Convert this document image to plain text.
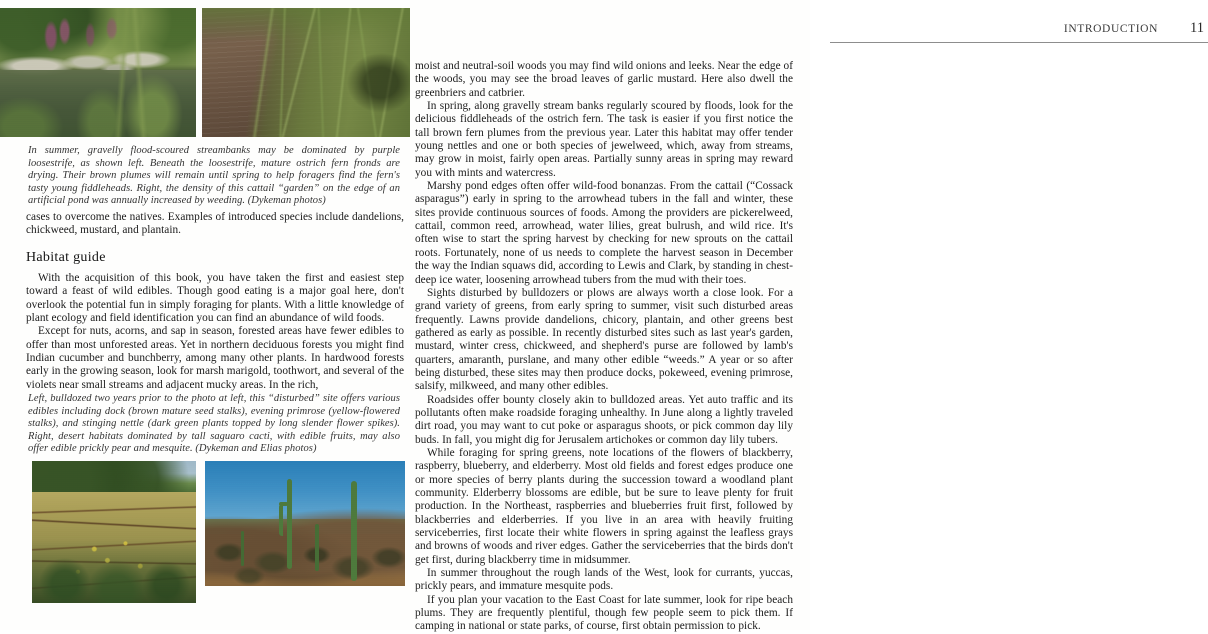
In summer, gravelly flood-scoured streambanks may be dominated by purple loosestrife, as shown left. Beneath the loosestrife, mature ostrich fern fronds are drying. Their brown plumes will remain until spring to help foragers find the fern's tasty young fiddleheads. Right, the density of this cattail “garden” on the edge of an artificial pond was annually increased by weeding. (Dykeman photos)

cases to overcome the natives. Examples of introduced species include dandelions, chickweed, mustard, and plantain.

Habitat guide

With the acquisition of this book, you have taken the first and easiest step toward a feast of wild edibles. Though good eating is a major goal here, don't overlook the potential fun in simply foraging for plants. With a little knowledge of plant ecology and field identification you can find an abundance of wild foods.

Except for nuts, acorns, and sap in season, forested areas have fewer edibles to offer than most unforested areas. Yet in northern deciduous forests you might find Indian cucumber and bunchberry, among many other plants. In hardwood forests early in the growing season, look for marsh marigold, toothwort, and several of the violets near small streams and adjacent mucky areas. In the rich,

Left, bulldozed two years prior to the photo at left, this “disturbed” site offers various edibles including dock (brown mature seed stalks), evening primrose (yellow-flowered stalks), and stinging nettle (dark green plants topped by long slender flower spikes). Right, desert habitats dominated by tall saguaro cacti, with edible fruits, may also offer edible prickly pear and mesquite. (Dykeman and Elias photos)
INTRODUCTION 11

moist and neutral-soil woods you may find wild onions and leeks. Near the edge of the woods, you may see the broad leaves of garlic mustard. Here also dwell the greenbriers and catbrier.

In spring, along gravelly stream banks regularly scoured by floods, look for the delicious fiddleheads of the ostrich fern. The task is easier if you first notice the tall brown fern plumes from the previous year. Later this habitat may offer tender young nettles and one or both species of jewelweed, which, away from streams, may grow in moist, fairly open areas. Partially sunny areas in spring may reward you with mints and watercress.

Marshy pond edges often offer wild-food bonanzas. From the cattail (“Cossack asparagus”) early in spring to the arrowhead tubers in the fall and winter, these sites provide continuous sources of foods. Among the providers are pickerelweed, cattail, common reed, arrowhead, water lilies, great bulrush, and wild rice. It's often wise to start the spring harvest by checking for new sprouts on the cattail roots. Fortunately, none of us needs to complete the harvest season in December the way the Indian squaws did, according to Lewis and Clark, by standing in chest-deep ice water, loosening arrowhead tubers from the mud with their toes.

Sights disturbed by bulldozers or plows are always worth a close look. For a grand variety of greens, from early spring to summer, visit such disturbed areas frequently. Lawns provide dandelions, chicory, plantain, and other greens best gathered as early as possible. In recently disturbed sites such as last year's garden, mustard, winter cress, chickweed, and shepherd's purse are followed by lamb's quarters, amaranth, purslane, and many other edible “weeds.” A year or so after being disturbed, these sites may then produce docks, pokeweed, evening primrose, salsify, milkweed, and many other edibles.

Roadsides offer bounty closely akin to bulldozed areas. Yet auto traffic and its pollutants often make roadside foraging unhealthy. In June along a lightly traveled dirt road, you may want to cut poke or asparagus shoots, or pick common day lily buds. In fall, you might dig for Jerusalem artichokes or common day lily tubers.

While foraging for spring greens, note locations of the flowers of blackberry, raspberry, blueberry, and elderberry. Most old fields and forest edges produce one or more species of berry plants during the succession toward a woodland plant community. Elderberry blossoms are edible, but be sure to leave plenty for fruit production. In the Northeast, raspberries and blueberries fruit first, followed by blackberries and elderberries. If you live in an area with heavily fruiting serviceberries, first locate their white flowers in spring against the leafless grays and browns of woods and river edges. Gather the serviceberries that the birds don't get first, during blackberry time in midsummer.

In summer throughout the rough lands of the West, look for currants, yuccas, prickly pears, and immature mesquite pods.

If you plan your vacation to the East Coast for late summer, look for ripe beach plums. They are frequently plentiful, though few people seem to pick them. If camping in national or state parks, of course, first obtain permission to pick.
